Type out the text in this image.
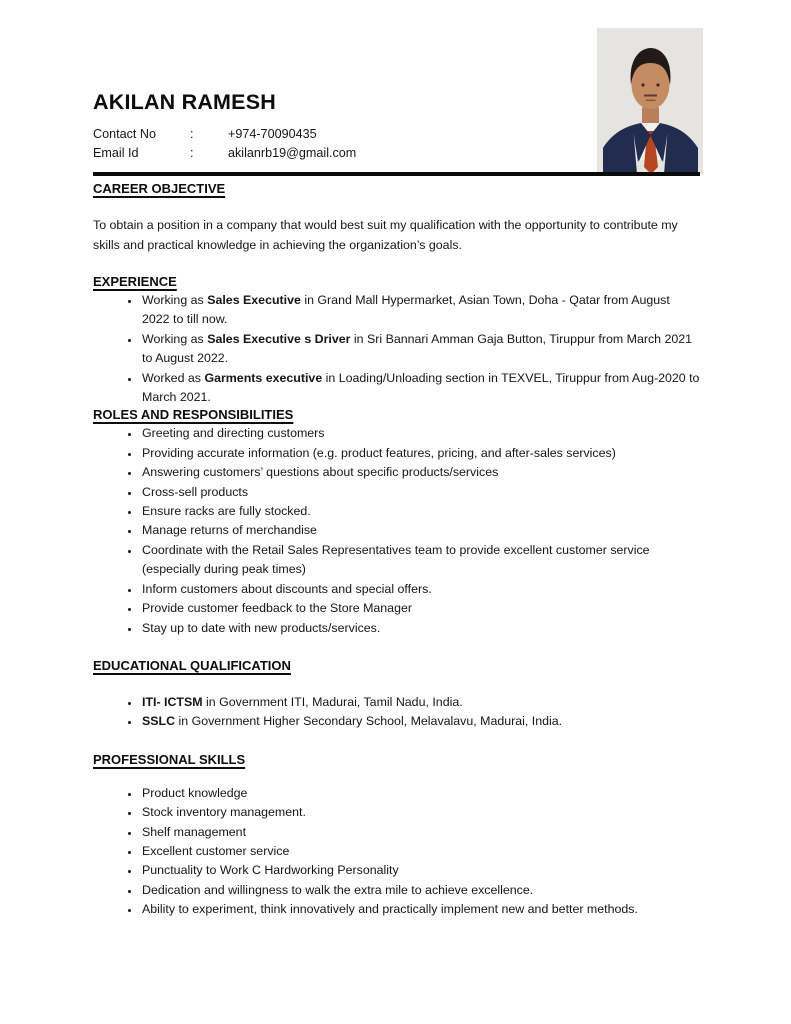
AKILAN RAMESH
Contact No	:	+974-70090435
Email Id	:	akilanrb19@gmail.com
CAREER OBJECTIVE

To obtain a position in a company that would best suit my qualification with the opportunity to contribute my skills and practical knowledge in achieving the organization’s goals.

EXPERIENCE
• Working as Sales Executive in Grand Mall Hypermarket, Asian Town, Doha - Qatar from August 2022 to till now.
• Working as Sales Executive s Driver in Sri Bannari Amman Gaja Button, Tiruppur from March 2021 to August 2022.
• Worked as Garments executive in Loading/Unloading section in TEXVEL, Tiruppur from Aug-2020 to March 2021.
ROLES AND RESPONSIBILITIES
• Greeting and directing customers
• Providing accurate information (e.g. product features, pricing, and after-sales services)
• Answering customers’ questions about specific products/services
• Cross-sell products
• Ensure racks are fully stocked.
• Manage returns of merchandise
• Coordinate with the Retail Sales Representatives team to provide excellent customer service (especially during peak times)
• Inform customers about discounts and special offers.
• Provide customer feedback to the Store Manager
• Stay up to date with new products/services.
EDUCATIONAL QUALIFICATION
• ITI- ICTSM in Government ITI, Madurai, Tamil Nadu, India.
• SSLC in Government Higher Secondary School, Melavalavu, Madurai, India.
PROFESSIONAL SKILLS
• Product knowledge
• Stock inventory management.
• Shelf management
• Excellent customer service
• Punctuality to Work C Hardworking Personality
• Dedication and willingness to walk the extra mile to achieve excellence.
• Ability to experiment, think innovatively and practically implement new and better methods.
